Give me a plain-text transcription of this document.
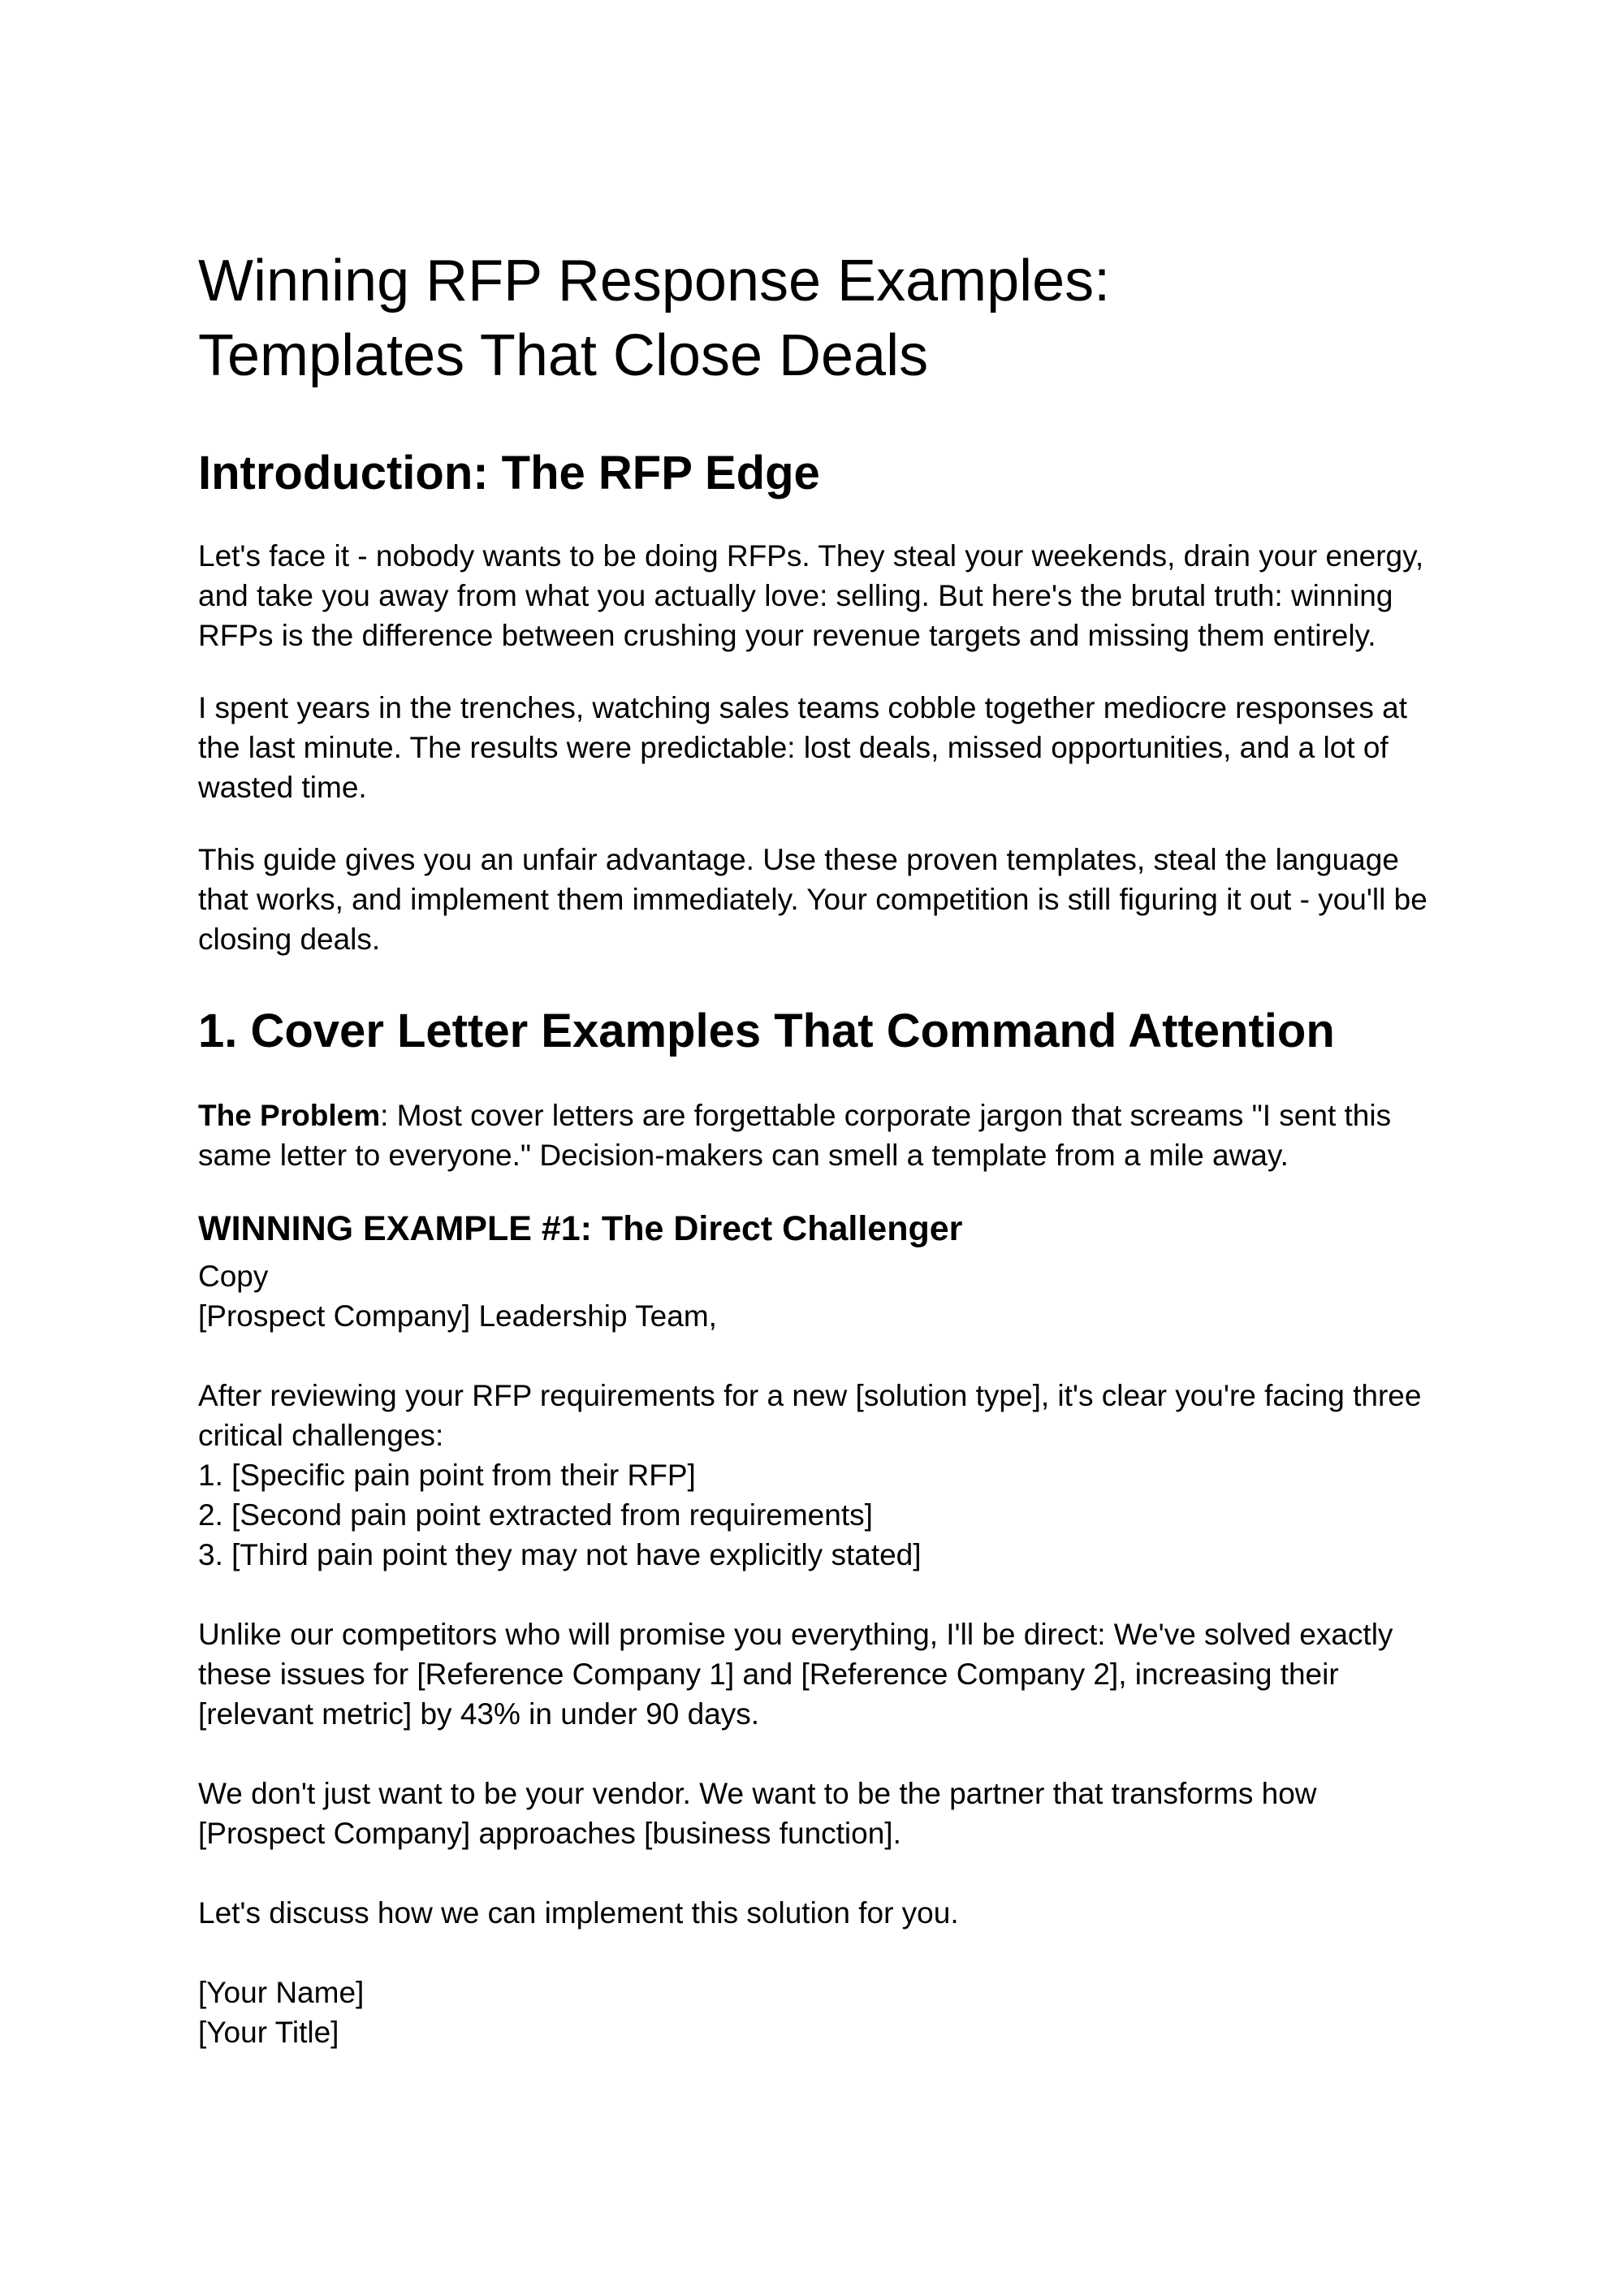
Winning RFP Response Examples: Templates That Close Deals
Introduction: The RFP Edge

Let's face it - nobody wants to be doing RFPs. They steal your weekends, drain your energy, and take you away from what you actually love: selling. But here's the brutal truth: winning RFPs is the difference between crushing your revenue targets and missing them entirely.

I spent years in the trenches, watching sales teams cobble together mediocre responses at the last minute. The results were predictable: lost deals, missed opportunities, and a lot of wasted time.

This guide gives you an unfair advantage. Use these proven templates, steal the language that works, and implement them immediately. Your competition is still figuring it out - you'll be closing deals.

1. Cover Letter Examples That Command Attention

The Problem: Most cover letters are forgettable corporate jargon that screams "I sent this same letter to everyone." Decision-makers can smell a template from a mile away.

WINNING EXAMPLE #1: The Direct Challenger
Copy
[Prospect Company] Leadership Team,
After reviewing your RFP requirements for a new [solution type], it's clear you're facing three critical challenges:
1. [Specific pain point from their RFP]
2. [Second pain point extracted from requirements]
3. [Third pain point they may not have explicitly stated]
Unlike our competitors who will promise you everything, I'll be direct: We've solved exactly these issues for [Reference Company 1] and [Reference Company 2], increasing their [relevant metric] by 43% in under 90 days.
We don't just want to be your vendor. We want to be the partner that transforms how [Prospect Company] approaches [business function].
Let's discuss how we can implement this solution for you.
[Your Name]
[Your Title]
